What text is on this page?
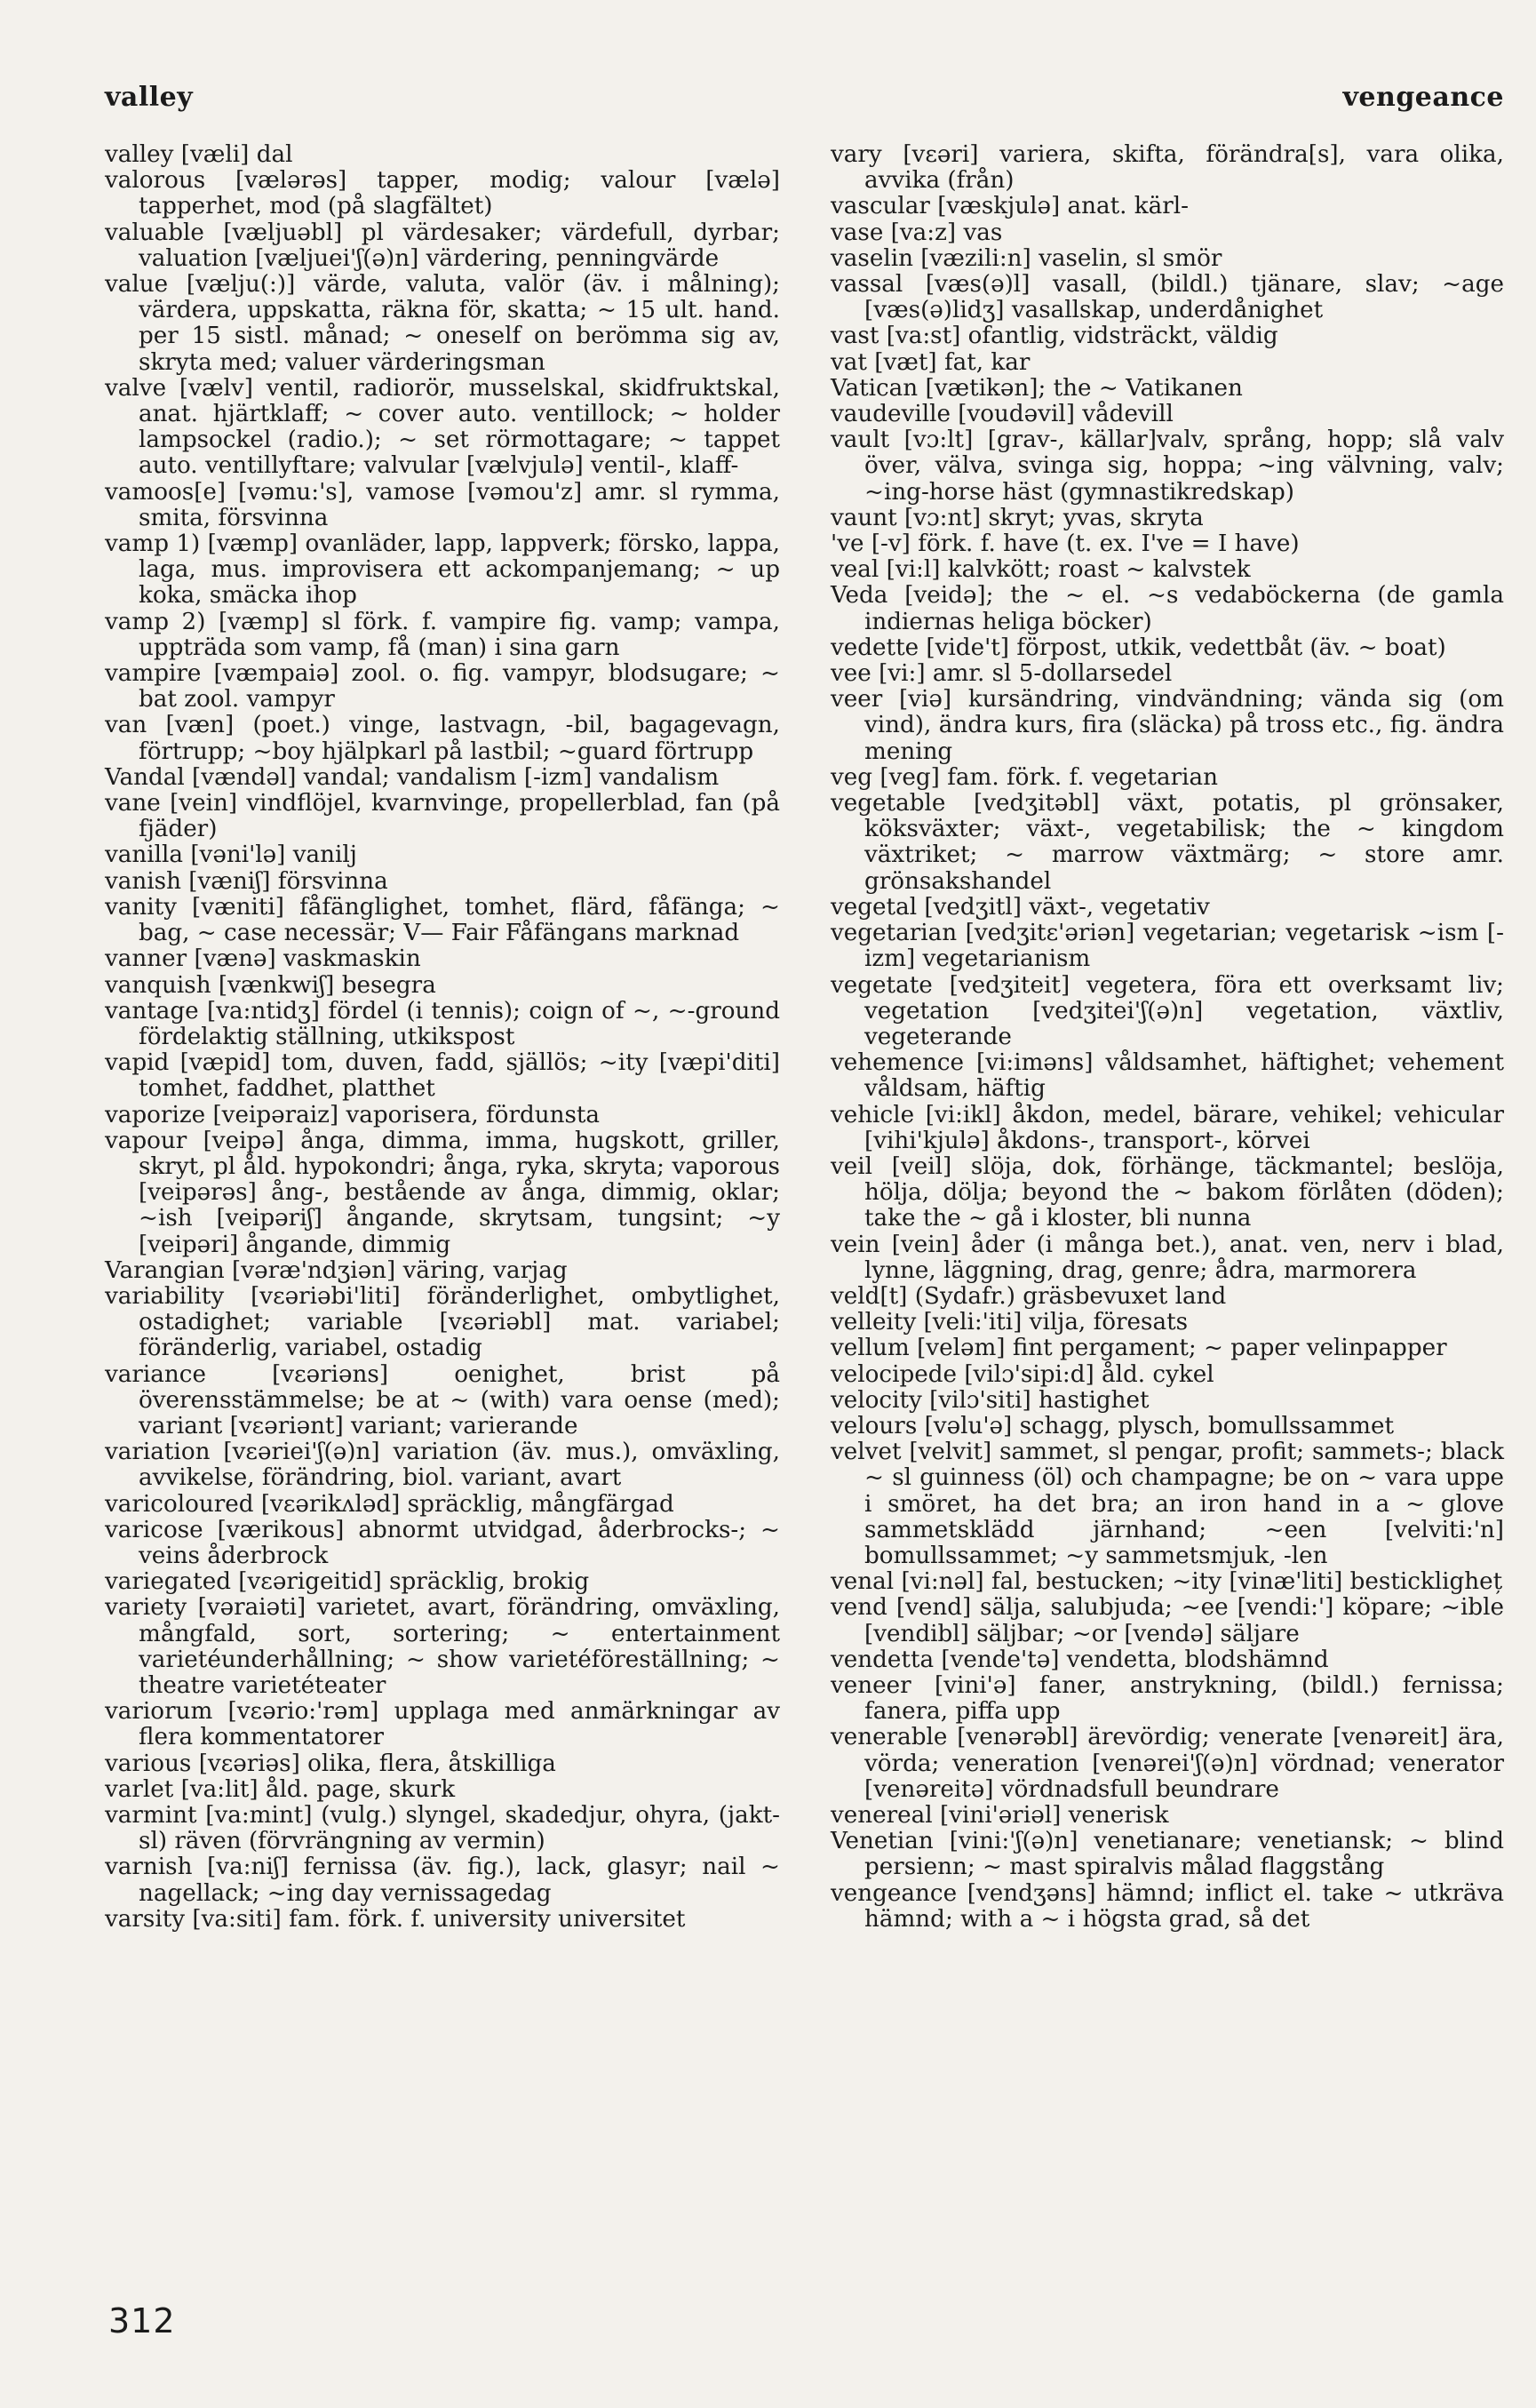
valley	vengeance

valley [væli] dal

valorous [vælərəs] tapper, modig; valour [vælə] tapperhet, mod (på slagfältet)

valuable [væljuəbl] pl värdesaker; värdefull, dyrbar; valuation [væljuei'ʃ(ə)n] värdering, penningvärde

value [vælju(:)] värde, valuta, valör (äv. i målning); värdera, uppskatta, räkna för, skatta; ~ 15 ult. hand. per 15 sistl. månad; ~ oneself on berömma sig av, skryta med; valuer värderingsman

valve [vælv] ventil, radiorör, musselskal, skidfruktskal, anat. hjärtklaff; ~ cover auto. ventillock; ~ holder lampsockel (radio.); ~ set rörmottagare; ~ tappet auto. ventillyftare; valvular [vælvjulə] ventil-, klaff-

vamoos[e] [vəmu:'s], vamose [vəmou'z] amr. sl rymma, smita, försvinna

vamp 1) [væmp] ovanläder, lapp, lappverk; försko, lappa, laga, mus. improvisera ett ackompanjemang; ~ up koka, smäcka ihop

vamp 2) [væmp] sl förk. f. vampire fig. vamp; vampa, uppträda som vamp, få (man) i sina garn

vampire [væmpaiə] zool. o. fig. vampyr, blodsugare; ~ bat zool. vampyr

van [væn] (poet.) vinge, lastvagn, -bil, bagagevagn, förtrupp; ~boy hjälpkarl på lastbil; ~guard förtrupp

Vandal [vændəl] vandal; vandalism [-izm] vandalism

vane [vein] vindflöjel, kvarnvinge, propellerblad, fan (på fjäder)

vanilla [vəni'lə] vanilj

vanish [væniʃ] försvinna

vanity [væniti] fåfänglighet, tomhet, flärd, fåfänga; ~ bag, ~ case necessär; V— Fair Fåfängans marknad

vanner [vænə] vaskmaskin

vanquish [vænkwiʃ] besegra

vantage [va:ntidʒ] fördel (i tennis); coign of ~, ~-ground fördelaktig ställning, utkikspost

vapid [væpid] tom, duven, fadd, själlös; ~ity [væpi'diti] tomhet, faddhet, platthet

vaporize [veipəraiz] vaporisera, fördunsta

vapour [veipə] ånga, dimma, imma, hugskott, griller, skryt, pl åld. hypokondri; ånga, ryka, skryta; vaporous [veipərəs] ång-, bestående av ånga, dimmig, oklar; ~ish [veipəriʃ] ångande, skrytsam, tungsint; ~y [veipəri] ångande, dimmig

Varangian [vəræ'ndʒiən] väring, varjag

variability [vɛəriəbi'liti] föränderlighet, ombytlighet, ostadighet; variable [vɛəriəbl] mat. variabel; föränderlig, variabel, ostadig

variance [vɛəriəns] oenighet, brist på överensstämmelse; be at ~ (with) vara oense (med); variant [vɛəriənt] variant; varierande

variation [vɛəriei'ʃ(ə)n] variation (äv. mus.), omväxling, avvikelse, förändring, biol. variant, avart

varicoloured [vɛərikʌləd] spräcklig, mångfärgad

varicose [værikous] abnormt utvidgad, åderbrocks-; ~ veins åderbrock

variegated [vɛərigeitid] spräcklig, brokig

variety [vəraiəti] varietet, avart, förändring, omväxling, mångfald, sort, sortering; ~ entertainment varietéunderhållning; ~ show varietéföreställning; ~ theatre varietéteater

variorum [vɛərio:'rəm] upplaga med anmärkningar av flera kommentatorer

various [vɛəriəs] olika, flera, åtskilliga

varlet [va:lit] åld. page, skurk

varmint [va:mint] (vulg.) slyngel, skadedjur, ohyra, (jakt-sl) räven (förvrängning av vermin)

varnish [va:niʃ] fernissa (äv. fig.), lack, glasyr; nail ~ nagellack; ~ing day vernissagedag

varsity [va:siti] fam. förk. f. university universitet

vary [vɛəri] variera, skifta, förändra[s], vara olika, avvika (från)

vascular [væskjulə] anat. kärl-

vase [va:z] vas

vaselin [væzili:n] vaselin, sl smör

vassal [væs(ə)l] vasall, (bildl.) tjänare, slav; ~age [væs(ə)lidʒ] vasallskap, underdånighet

vast [va:st] ofantlig, vidsträckt, väldig

vat [væt] fat, kar

Vatican [vætikən]; the ~ Vatikanen

vaudeville [voudəvil] vådevill

vault [vɔ:lt] [grav-, källar]valv, språng, hopp; slå valv över, välva, svinga sig, hoppa; ~ing välvning, valv; ~ing-horse häst (gymnastikredskap)

vaunt [vɔ:nt] skryt; yvas, skryta

've [-v] förk. f. have (t. ex. I've = I have)

veal [vi:l] kalvkött; roast ~ kalvstek

Veda [veidə]; the ~ el. ~s vedaböckerna (de gamla indiernas heliga böcker)

vedette [vide't] förpost, utkik, vedettbåt (äv. ~ boat)

vee [vi:] amr. sl 5-dollarsedel

veer [viə] kursändring, vindvändning; vända sig (om vind), ändra kurs, fira (släcka) på tross etc., fig. ändra mening

veg [veg] fam. förk. f. vegetarian

vegetable [vedʒitəbl] växt, potatis, pl grönsaker, köksväxter; växt-, vegetabilisk; the ~ kingdom växtriket; ~ marrow växtmärg; ~ store amr. grönsakshandel

vegetal [vedʒitl] växt-, vegetativ

vegetarian [vedʒitɛ'əriən] vegetarian; vegetarisk ~ism [-izm] vegetarianism

vegetate [vedʒiteit] vegetera, föra ett overksamt liv; vegetation [vedʒitei'ʃ(ə)n] vegetation, växtliv, vegeterande

vehemence [vi:iməns] våldsamhet, häftighet; vehement våldsam, häftig

vehicle [vi:ikl] åkdon, medel, bärare, vehikel; vehicular [vihi'kjulə] åkdons-, transport-, körvei

veil [veil] slöja, dok, förhänge, täckmantel; beslöja, hölja, dölja; beyond the ~ bakom förlåten (döden); take the ~ gå i kloster, bli nunna

vein [vein] åder (i många bet.), anat. ven, nerv i blad, lynne, läggning, drag, genre; ådra, marmorera

veld[t] (Sydafr.) gräsbevuxet land

velleity [veli:'iti] vilja, föresats

vellum [veləm] fint pergament; ~ paper velinpapper

velocipede [vilɔ'sipi:d] åld. cykel

velocity [vilɔ'siti] hastighet

velours [vəlu'ə] schagg, plysch, bomullssammet

velvet [velvit] sammet, sl pengar, profit; sammets-; black ~ sl guinness (öl) och champagne; be on ~ vara uppe i smöret, ha det bra; an iron hand in a ~ glove sammetsklädd järnhand; ~een [velviti:'n] bomullssammet; ~y sammetsmjuk, -len

venal [vi:nəl] fal, bestucken; ~ity [vinæ'liti] bestickligheț

vend [vend] sälja, salubjuda; ~ee [vendi:'] köpare; ~ible [vendibl] säljbar; ~or [vendə] säljare

vendetta [vende'tə] vendetta, blodshämnd

veneer [vini'ə] faner, anstrykning, (bildl.) fernissa; fanera, piffa upp

venerable [venərəbl] ärevördig; venerate [venəreit] ära, vörda; veneration [venərei'ʃ(ə)n] vördnad; venerator [venəreitə] vördnadsfull beundrare

venereal [vini'əriəl] venerisk

Venetian [vini:'ʃ(ə)n] venetianare; venetiansk; ~ blind persienn; ~ mast spiralvis målad flaggstång

vengeance [vendʒəns] hämnd; inflict el. take ~ utkräva hämnd; with a ~ i högsta grad, så det

312
